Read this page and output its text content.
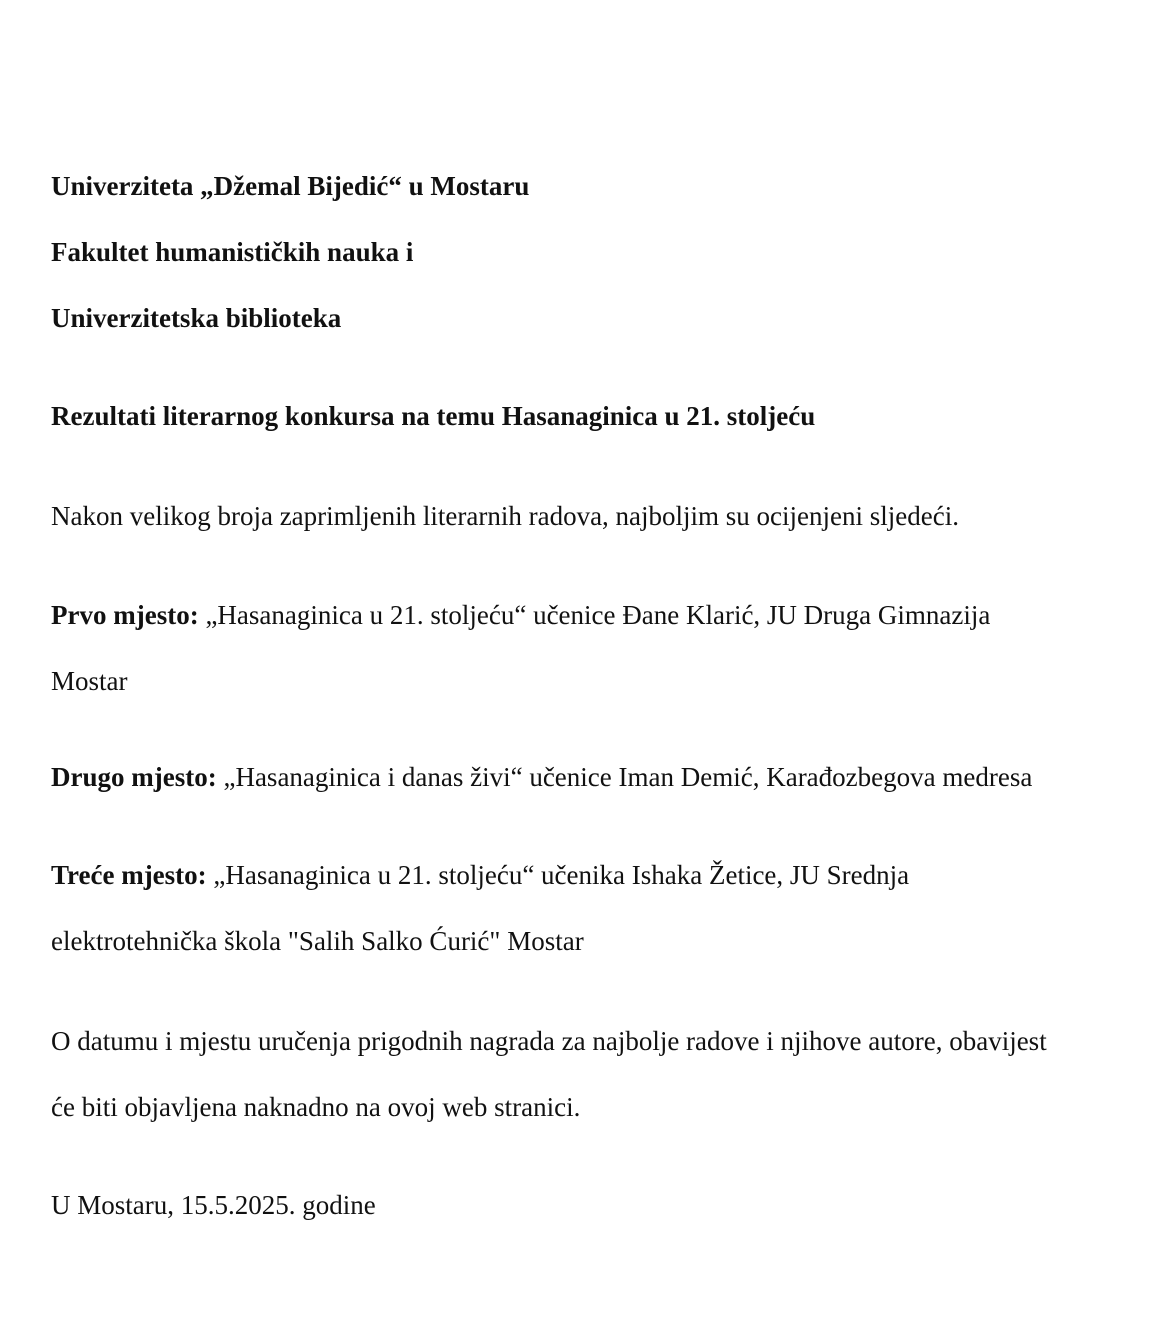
Univerziteta „Džemal Bijedić“ u Mostaru
Fakultet humanističkih nauka i
Univerzitetska biblioteka
Rezultati literarnog konkursa na temu Hasanaginica u 21. stoljeću
Nakon velikog broja zaprimljenih literarnih radova, najboljim su ocijenjeni sljedeći.
Prvo mjesto: „Hasanaginica u 21. stoljeću“ učenice Đane Klarić, JU Druga Gimnazija
Mostar
Drugo mjesto: „Hasanaginica i danas živi“ učenice Iman Demić, Karađozbegova medresa
Treće mjesto: „Hasanaginica u 21. stoljeću“ učenika Ishaka Žetice, JU Srednja
elektrotehnička škola "Salih Salko Ćurić" Mostar
O datumu i mjestu uručenja prigodnih nagrada za najbolje radove i njihove autore, obavijest
će biti objavljena naknadno na ovoj web stranici.
U Mostaru, 15.5.2025. godine
